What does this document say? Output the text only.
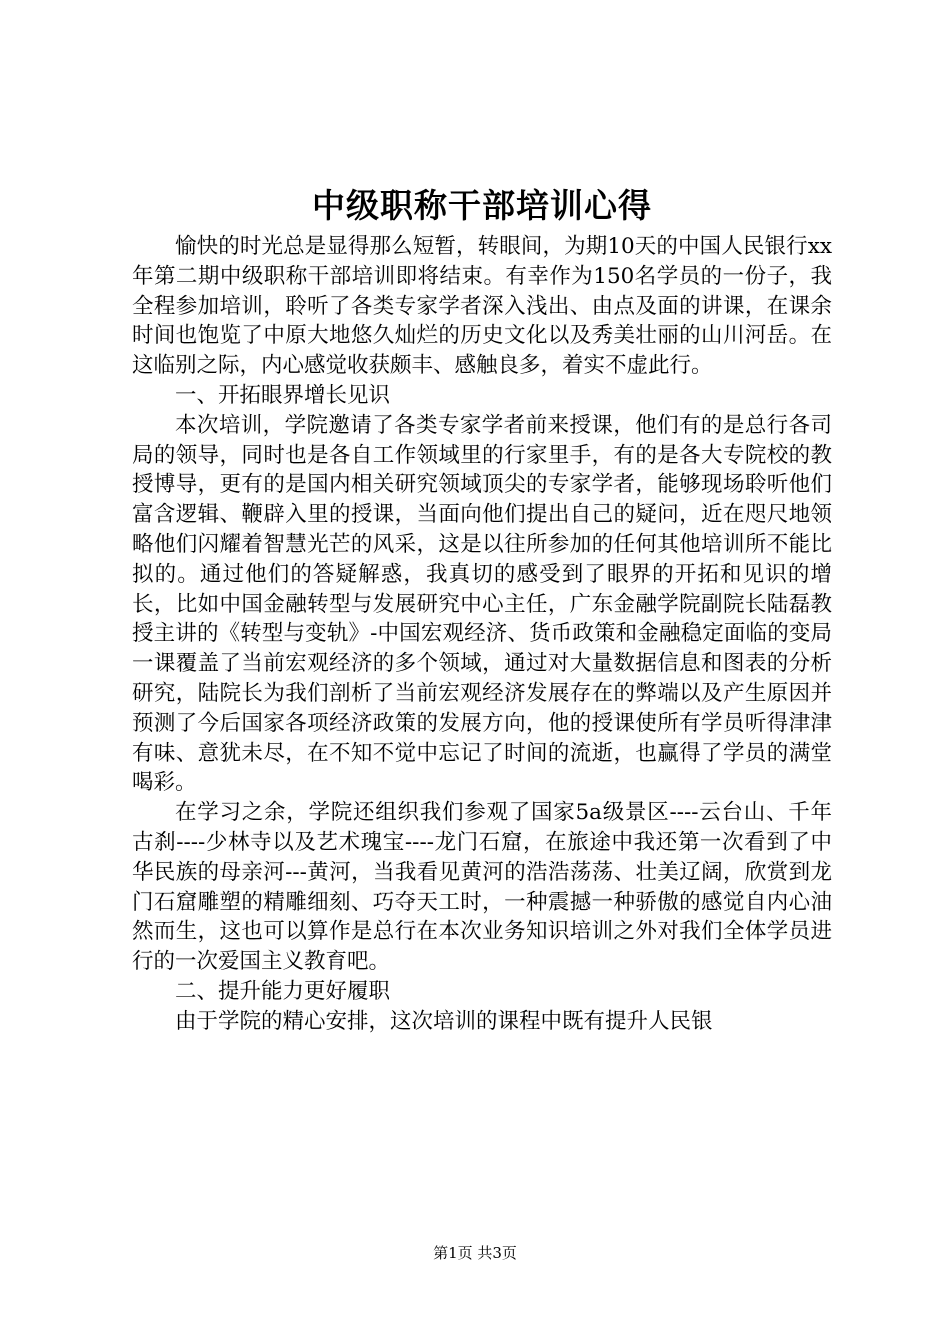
中级职称干部培训心得

愉快的时光总是显得那么短暂，转眼间，为期10天的中国人民银行xx年第二期中级职称干部培训即将结束。有幸作为150名学员的一份子，我全程参加培训，聆听了各类专家学者深入浅出、由点及面的讲课，在课余时间也饱览了中原大地悠久灿烂的历史文化以及秀美壮丽的山川河岳。在这临别之际，内心感觉收获颇丰、感触良多，着实不虚此行。

一、开拓眼界增长见识

本次培训，学院邀请了各类专家学者前来授课，他们有的是总行各司局的领导，同时也是各自工作领域里的行家里手，有的是各大专院校的教授博导，更有的是国内相关研究领域顶尖的专家学者，能够现场聆听他们富含逻辑、鞭辟入里的授课，当面向他们提出自己的疑问，近在咫尺地领略他们闪耀着智慧光芒的风采，这是以往所参加的任何其他培训所不能比拟的。通过他们的答疑解惑，我真切的感受到了眼界的开拓和见识的增长，比如中国金融转型与发展研究中心主任，广东金融学院副院长陆磊教授主讲的《转型与变轨》-中国宏观经济、货币政策和金融稳定面临的变局一课覆盖了当前宏观经济的多个领域，通过对大量数据信息和图表的分析研究，陆院长为我们剖析了当前宏观经济发展存在的弊端以及产生原因并预测了今后国家各项经济政策的发展方向，他的授课使所有学员听得津津有味、意犹未尽，在不知不觉中忘记了时间的流逝，也赢得了学员的满堂喝彩。

在学习之余，学院还组织我们参观了国家5a级景区----云台山、千年古刹----少林寺以及艺术瑰宝----龙门石窟，在旅途中我还第一次看到了中华民族的母亲河---黄河，当我看见黄河的浩浩荡荡、壮美辽阔，欣赏到龙门石窟雕塑的精雕细刻、巧夺天工时，一种震撼一种骄傲的感觉自内心油然而生，这也可以算作是总行在本次业务知识培训之外对我们全体学员进行的一次爱国主义教育吧。

二、提升能力更好履职

由于学院的精心安排，这次培训的课程中既有提升人民银

第1页 共3页
